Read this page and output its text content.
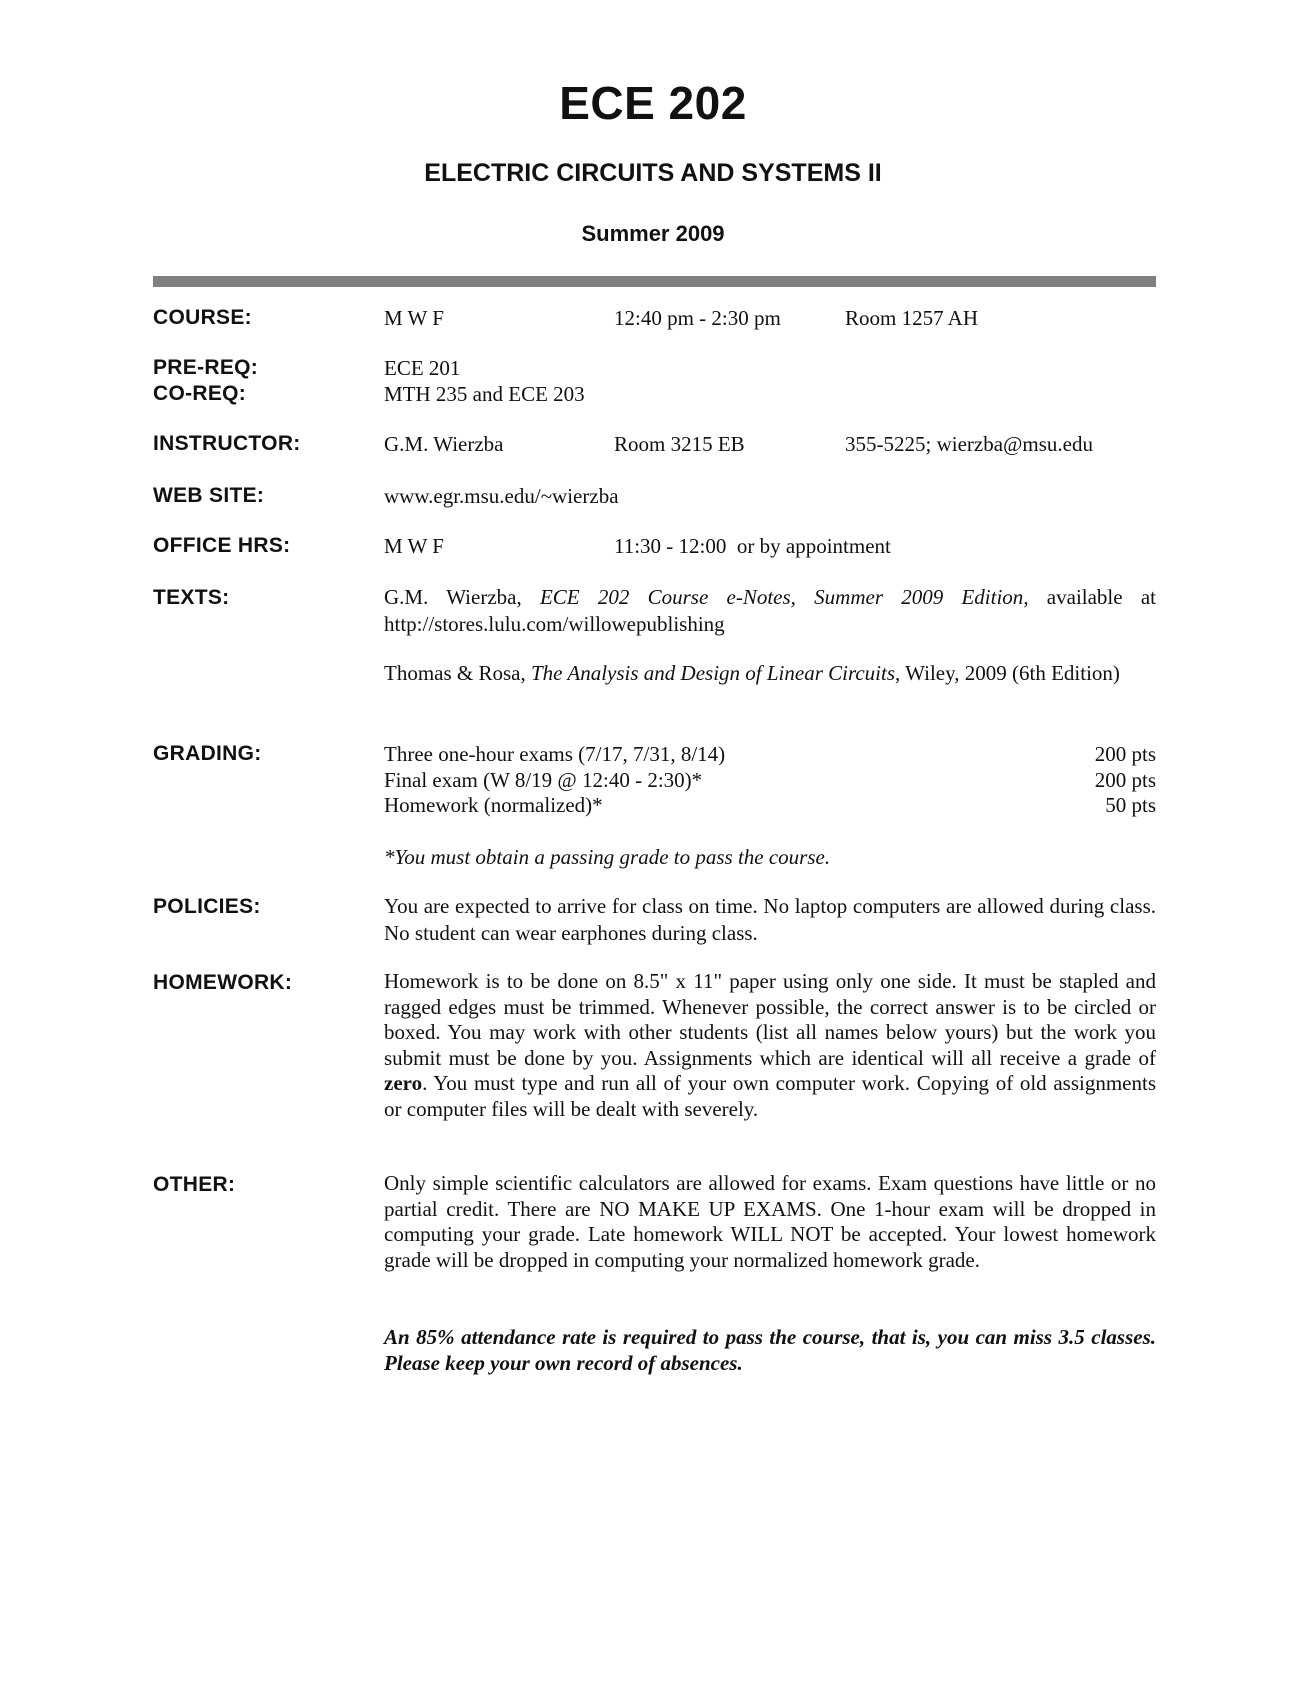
ECE 202
ELECTRIC CIRCUITS AND SYSTEMS II
Summer 2009
COURSE:	M W F	12:40 pm - 2:30 pm	Room 1257 AH
PRE-REQ:	ECE 201
CO-REQ:	MTH 235 and ECE 203
INSTRUCTOR:	G.M. Wierzba	Room 3215 EB	355-5225; wierzba@msu.edu
WEB SITE:	www.egr.msu.edu/~wierzba
OFFICE HRS:	M W F	11:30 - 12:00  or by appointment
TEXTS:	G.M. Wierzba, ECE 202 Course e-Notes, Summer 2009 Edition, available at http://stores.lulu.com/willowepublishing
Thomas & Rosa, The Analysis and Design of Linear Circuits, Wiley, 2009 (6th Edition)
GRADING:	Three one-hour exams (7/17, 7/31, 8/14)	200 pts
Final exam (W 8/19 @ 12:40 - 2:30)*	200 pts
Homework (normalized)*	50 pts
*You must obtain a passing grade to pass the course.
POLICIES:	You are expected to arrive for class on time. No laptop computers are allowed during class. No student can wear earphones during class.
HOMEWORK:	Homework is to be done on 8.5" x 11" paper using only one side. It must be stapled and ragged edges must be trimmed. Whenever possible, the correct answer is to be circled or boxed. You may work with other students (list all names below yours) but the work you submit must be done by you. Assignments which are identical will all receive a grade of zero. You must type and run all of your own computer work. Copying of old assignments or computer files will be dealt with severely.
OTHER:	Only simple scientific calculators are allowed for exams. Exam questions have little or no partial credit. There are NO MAKE UP EXAMS. One 1-hour exam will be dropped in computing your grade. Late homework WILL NOT be accepted. Your lowest homework grade will be dropped in computing your normalized homework grade.
An 85% attendance rate is required to pass the course, that is, you can miss 3.5 classes. Please keep your own record of absences.
